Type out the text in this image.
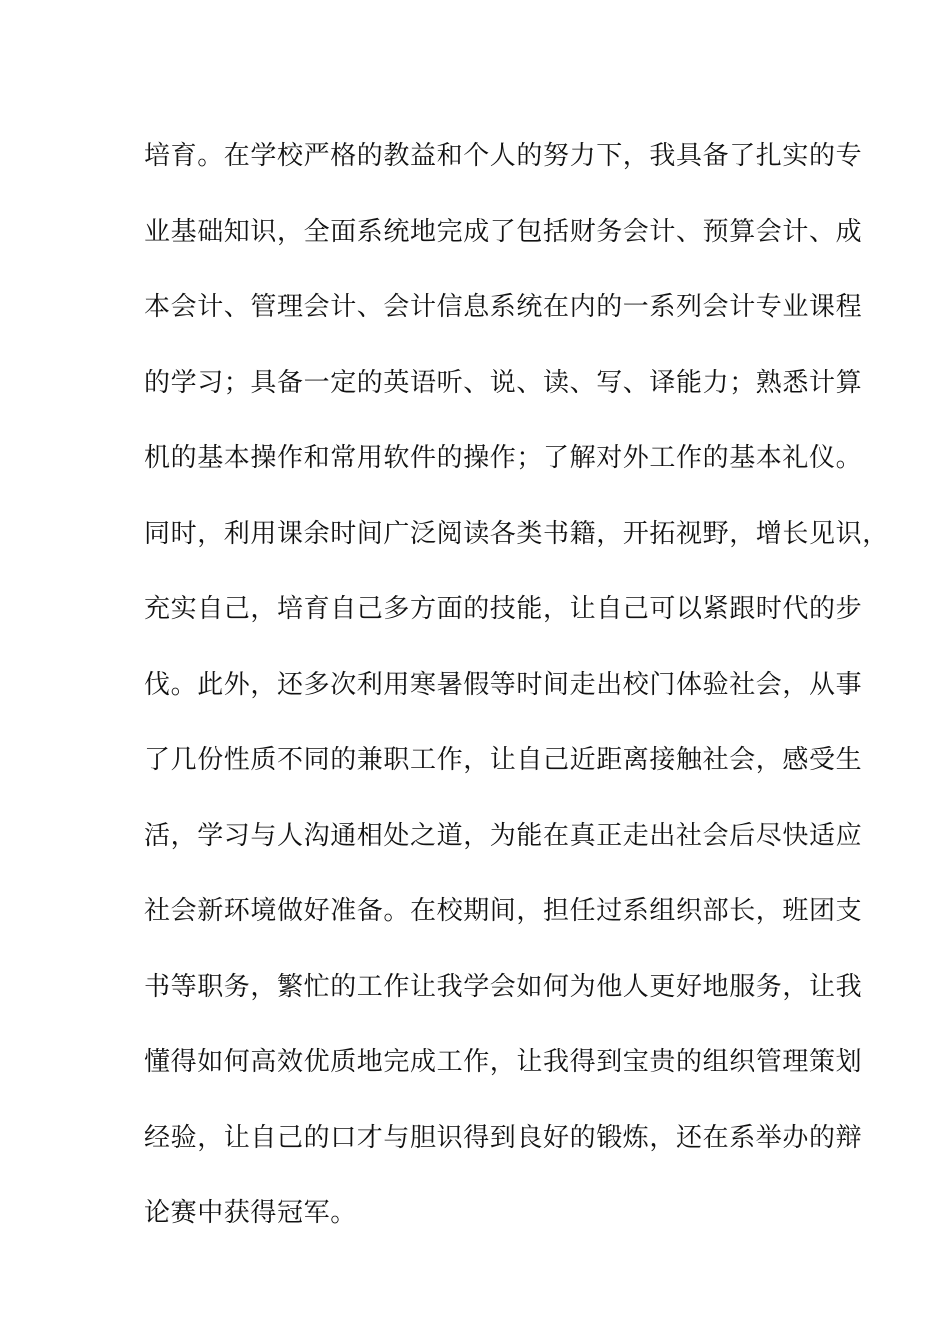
培育。在学校严格的教益和个人的努力下，我具备了扎实的专
业基础知识，全面系统地完成了包括财务会计、预算会计、成
本会计、管理会计、会计信息系统在内的一系列会计专业课程
的学习；具备一定的英语听、说、读、写、译能力；熟悉计算
机的基本操作和常用软件的操作；了解对外工作的基本礼仪。
同时，利用课余时间广泛阅读各类书籍，开拓视野，增长见识，
充实自己，培育自己多方面的技能，让自己可以紧跟时代的步
伐。此外，还多次利用寒暑假等时间走出校门体验社会，从事
了几份性质不同的兼职工作，让自己近距离接触社会，感受生
活，学习与人沟通相处之道，为能在真正走出社会后尽快适应
社会新环境做好准备。在校期间，担任过系组织部长，班团支
书等职务，繁忙的工作让我学会如何为他人更好地服务，让我
懂得如何高效优质地完成工作，让我得到宝贵的组织管理策划
经验，让自己的口才与胆识得到良好的锻炼，还在系举办的辩
论赛中获得冠军。
